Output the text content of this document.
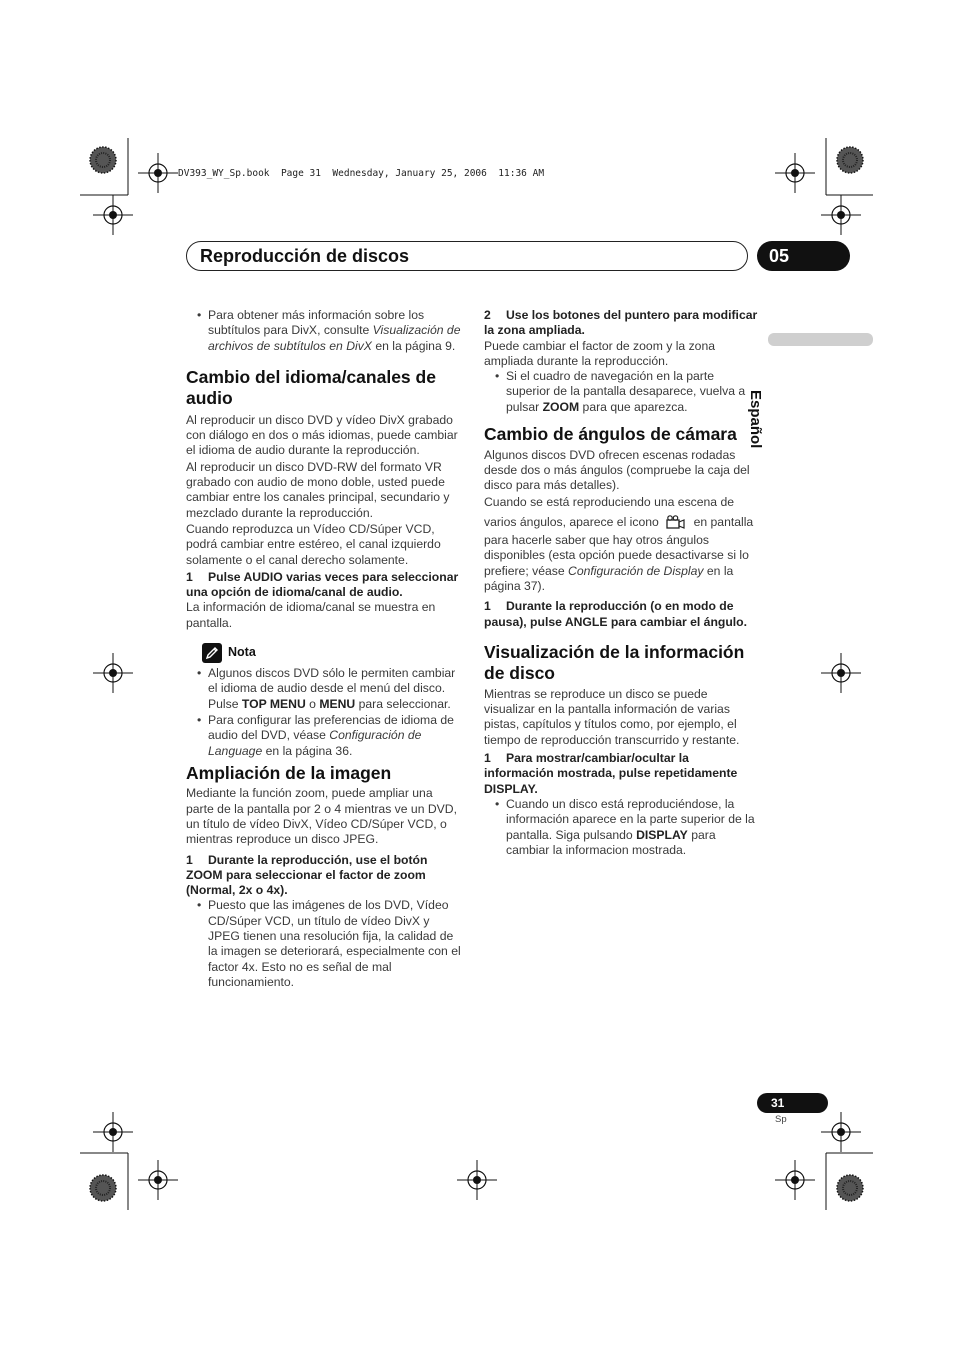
DV393_WY_Sp.book  Page 31  Wednesday, January 25, 2006  11:36 AM
Reproducción de discos	05
Español

• Para obtener más información sobre los subtítulos para DivX, consulte Visualización de archivos de subtítulos en DivX en la página 9.

Cambio del idioma/canales de audio

Al reproducir un disco DVD y vídeo DivX grabado con diálogo en dos o más idiomas, puede cambiar el idioma de audio durante la reproducción.

Al reproducir un disco DVD-RW del formato VR grabado con audio de mono doble, usted puede cambiar entre los canales principal, secundario y mezclado durante la reproducción.

Cuando reproduzca un Vídeo CD/Súper VCD, podrá cambiar entre estéreo, el canal izquierdo solamente o el canal derecho solamente.

1 Pulse AUDIO varias veces para seleccionar una opción de idioma/canal de audio.

La información de idioma/canal se muestra en pantalla.

Nota

• Algunos discos DVD sólo le permiten cambiar el idioma de audio desde el menú del disco. Pulse TOP MENU o MENU para seleccionar.

• Para configurar las preferencias de idioma de audio del DVD, véase Configuración de Language en la página 36.

Ampliación de la imagen

Mediante la función zoom, puede ampliar una parte de la pantalla por 2 o 4 mientras ve un DVD, un título de vídeo DivX, Vídeo CD/Súper VCD, o mientras reproduce un disco JPEG.

1 Durante la reproducción, use el botón ZOOM para seleccionar el factor de zoom (Normal, 2x o 4x).

• Puesto que las imágenes de los DVD, Vídeo CD/Súper VCD, un título de vídeo DivX y JPEG tienen una resolución fija, la calidad de la imagen se deteriorará, especialmente con el factor 4x. Esto no es señal de mal funcionamiento.

2 Use los botones del puntero para modificar la zona ampliada.

Puede cambiar el factor de zoom y la zona ampliada durante la reproducción.

• Si el cuadro de navegación en la parte superior de la pantalla desaparece, vuelva a pulsar ZOOM para que aparezca.

Cambio de ángulos de cámara

Algunos discos DVD ofrecen escenas rodadas desde dos o más ángulos (compruebe la caja del disco para más detalles).

Cuando se está reproduciendo una escena de

varios ángulos, aparece el icono  en pantalla para hacerle saber que hay otros ángulos disponibles (esta opción puede desactivarse si lo prefiere; véase Configuración de Display en la página 37).

1 Durante la reproducción (o en modo de pausa), pulse ANGLE para cambiar el ángulo.

Visualización de la información de disco

Mientras se reproduce un disco se puede visualizar en la pantalla información de varias pistas, capítulos y títulos como, por ejemplo, el tiempo de reproducción transcurrido y restante.

1 Para mostrar/cambiar/ocultar la información mostrada, pulse repetidamente DISPLAY.

• Cuando un disco está reproduciéndose, la información aparece en la parte superior de la pantalla. Siga pulsando DISPLAY para cambiar la informacion mostrada.

31
Sp
